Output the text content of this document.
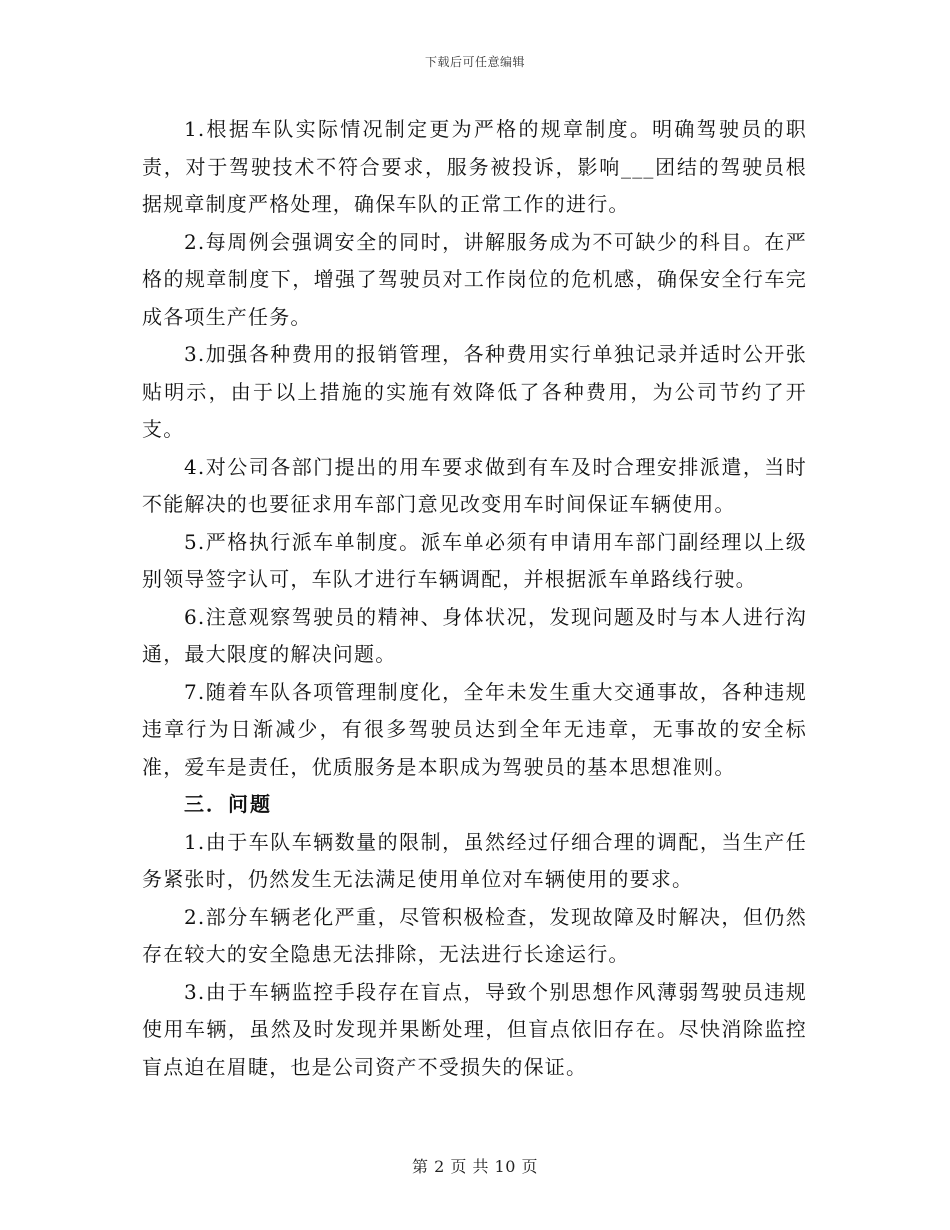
下载后可任意编辑

1.根据车队实际情况制定更为严格的规章制度。明确驾驶员的职责，对于驾驶技术不符合要求，服务被投诉，影响___团结的驾驶员根据规章制度严格处理，确保车队的正常工作的进行。

2.每周例会强调安全的同时，讲解服务成为不可缺少的科目。在严格的规章制度下，增强了驾驶员对工作岗位的危机感，确保安全行车完成各项生产任务。

3.加强各种费用的报销管理，各种费用实行单独记录并适时公开张贴明示，由于以上措施的实施有效降低了各种费用，为公司节约了开支。

4.对公司各部门提出的用车要求做到有车及时合理安排派遣，当时不能解决的也要征求用车部门意见改变用车时间保证车辆使用。

5.严格执行派车单制度。派车单必须有申请用车部门副经理以上级别领导签字认可，车队才进行车辆调配，并根据派车单路线行驶。

6.注意观察驾驶员的精神、身体状况，发现问题及时与本人进行沟通，最大限度的解决问题。

7.随着车队各项管理制度化，全年未发生重大交通事故，各种违规违章行为日渐减少，有很多驾驶员达到全年无违章，无事故的安全标准，爱车是责任，优质服务是本职成为驾驶员的基本思想准则。

三．问题

1.由于车队车辆数量的限制，虽然经过仔细合理的调配，当生产任务紧张时，仍然发生无法满足使用单位对车辆使用的要求。

2.部分车辆老化严重，尽管积极检查，发现故障及时解决，但仍然存在较大的安全隐患无法排除，无法进行长途运行。

3.由于车辆监控手段存在盲点，导致个别思想作风薄弱驾驶员违规使用车辆，虽然及时发现并果断处理，但盲点依旧存在。尽快消除监控盲点迫在眉睫，也是公司资产不受损失的保证。

第 2 页 共 10 页
